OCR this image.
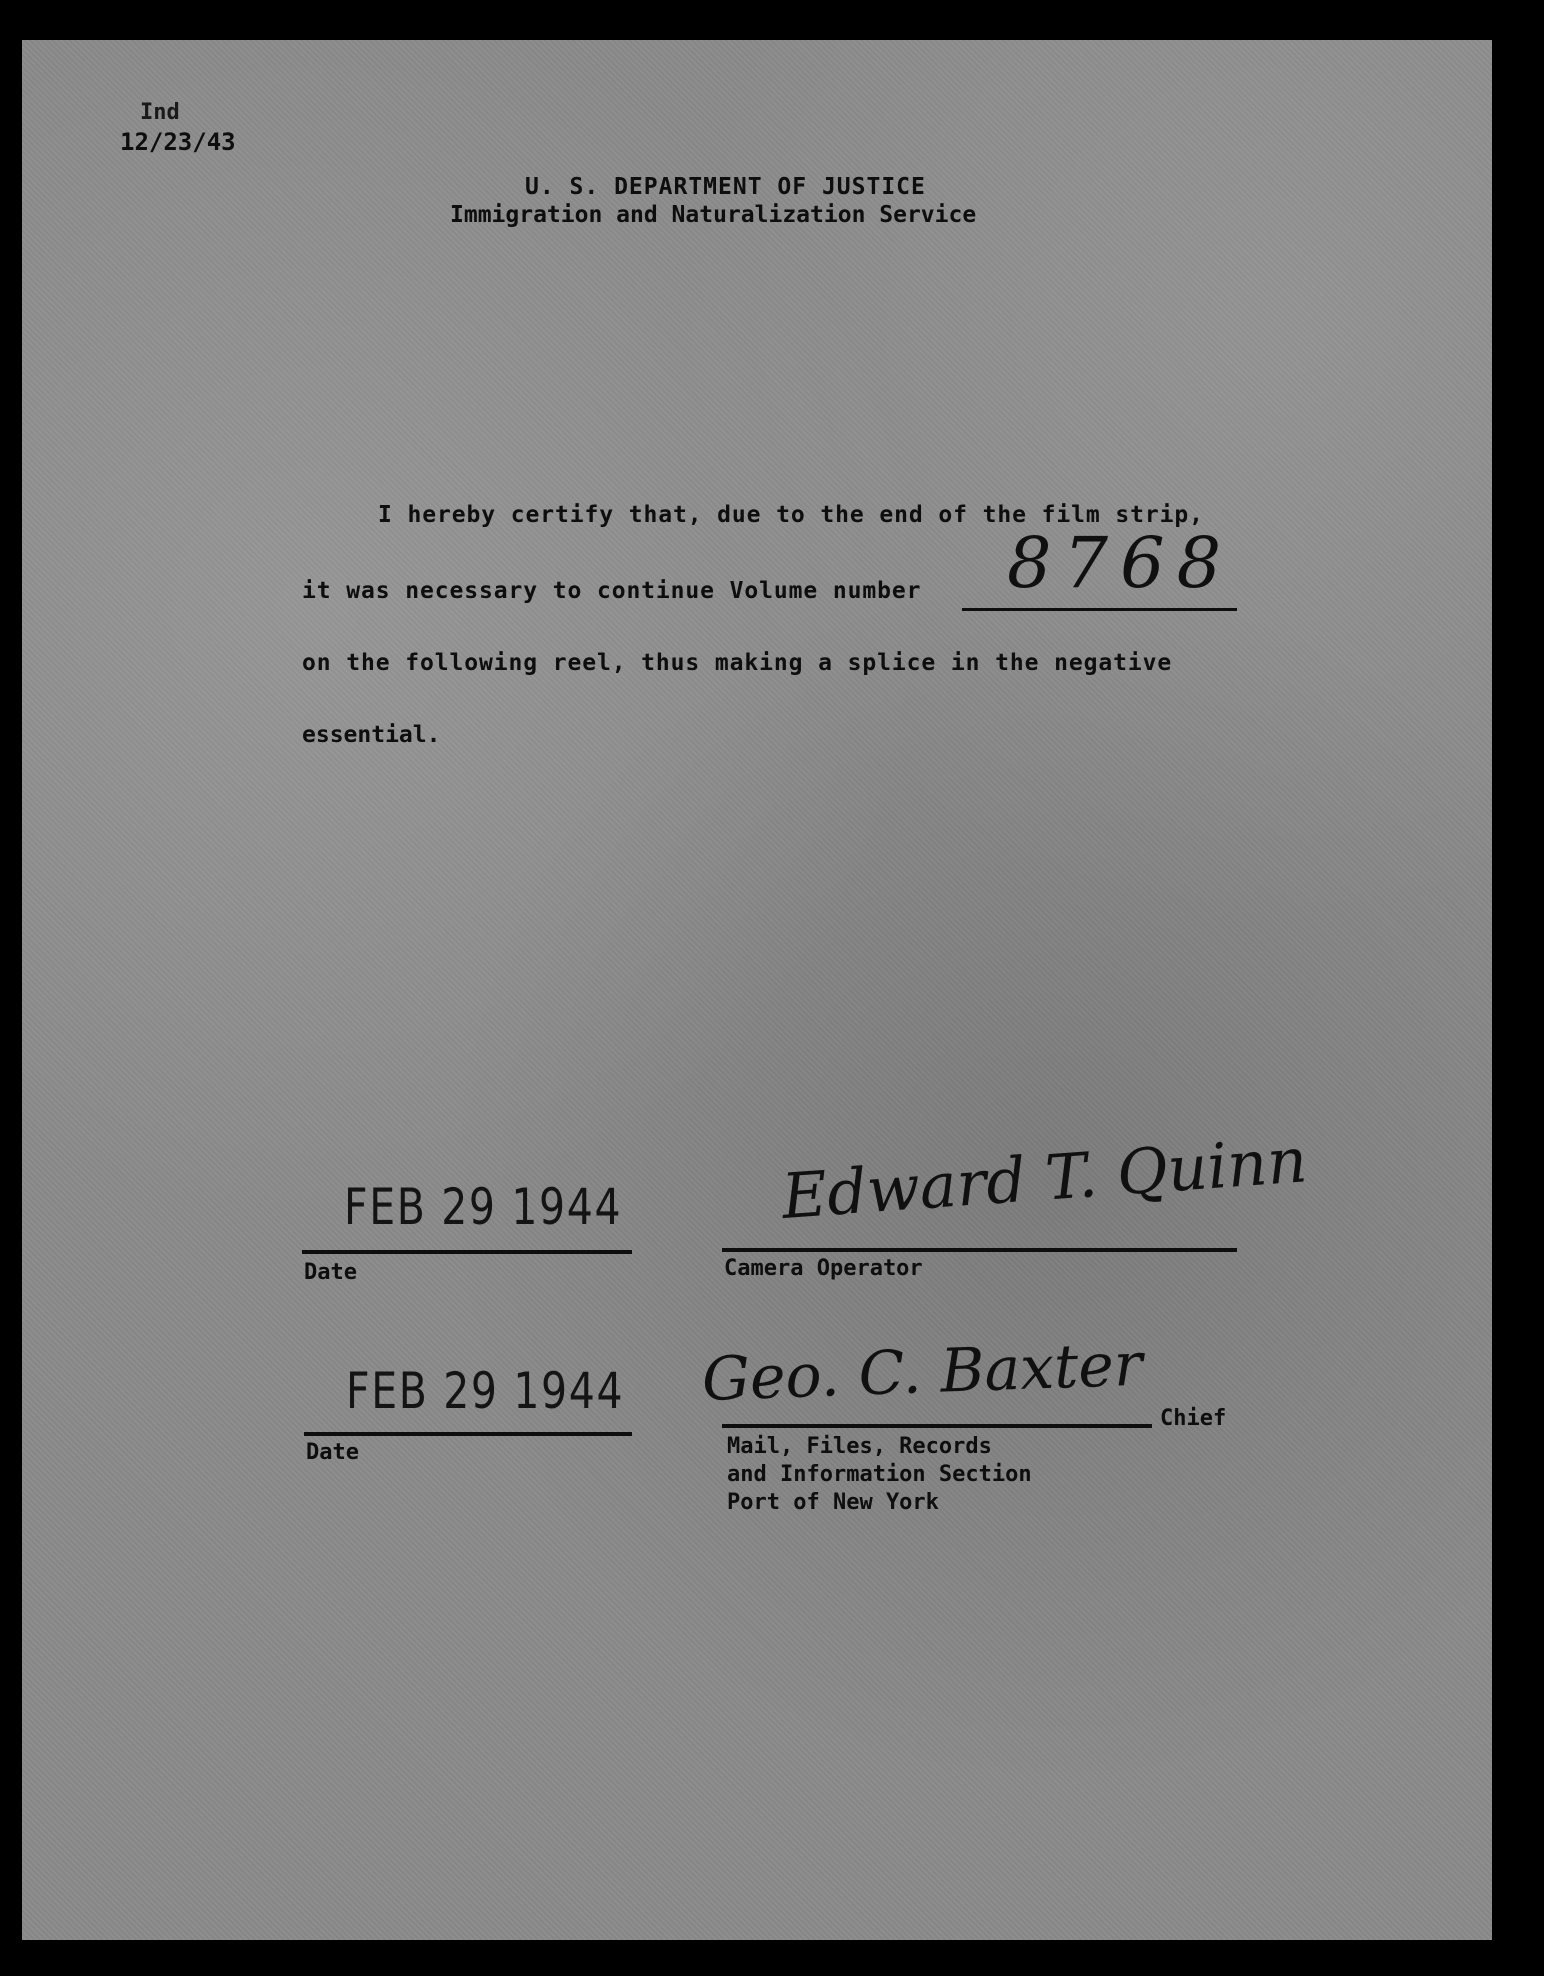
Ind
12/23/43
U. S. DEPARTMENT OF JUSTICE
Immigration and Naturalization Service
I hereby certify that, due to the end of the film strip,
it was necessary to continue Volume number 8768
on the following reel, thus making a splice in the negative
essential.
FEB 29 1944
Date
Edward T. Quinn
Camera Operator
FEB 29 1944
Date
Geo. C. Baxter
Chief
Mail, Files, Records
and Information Section
Port of New York
